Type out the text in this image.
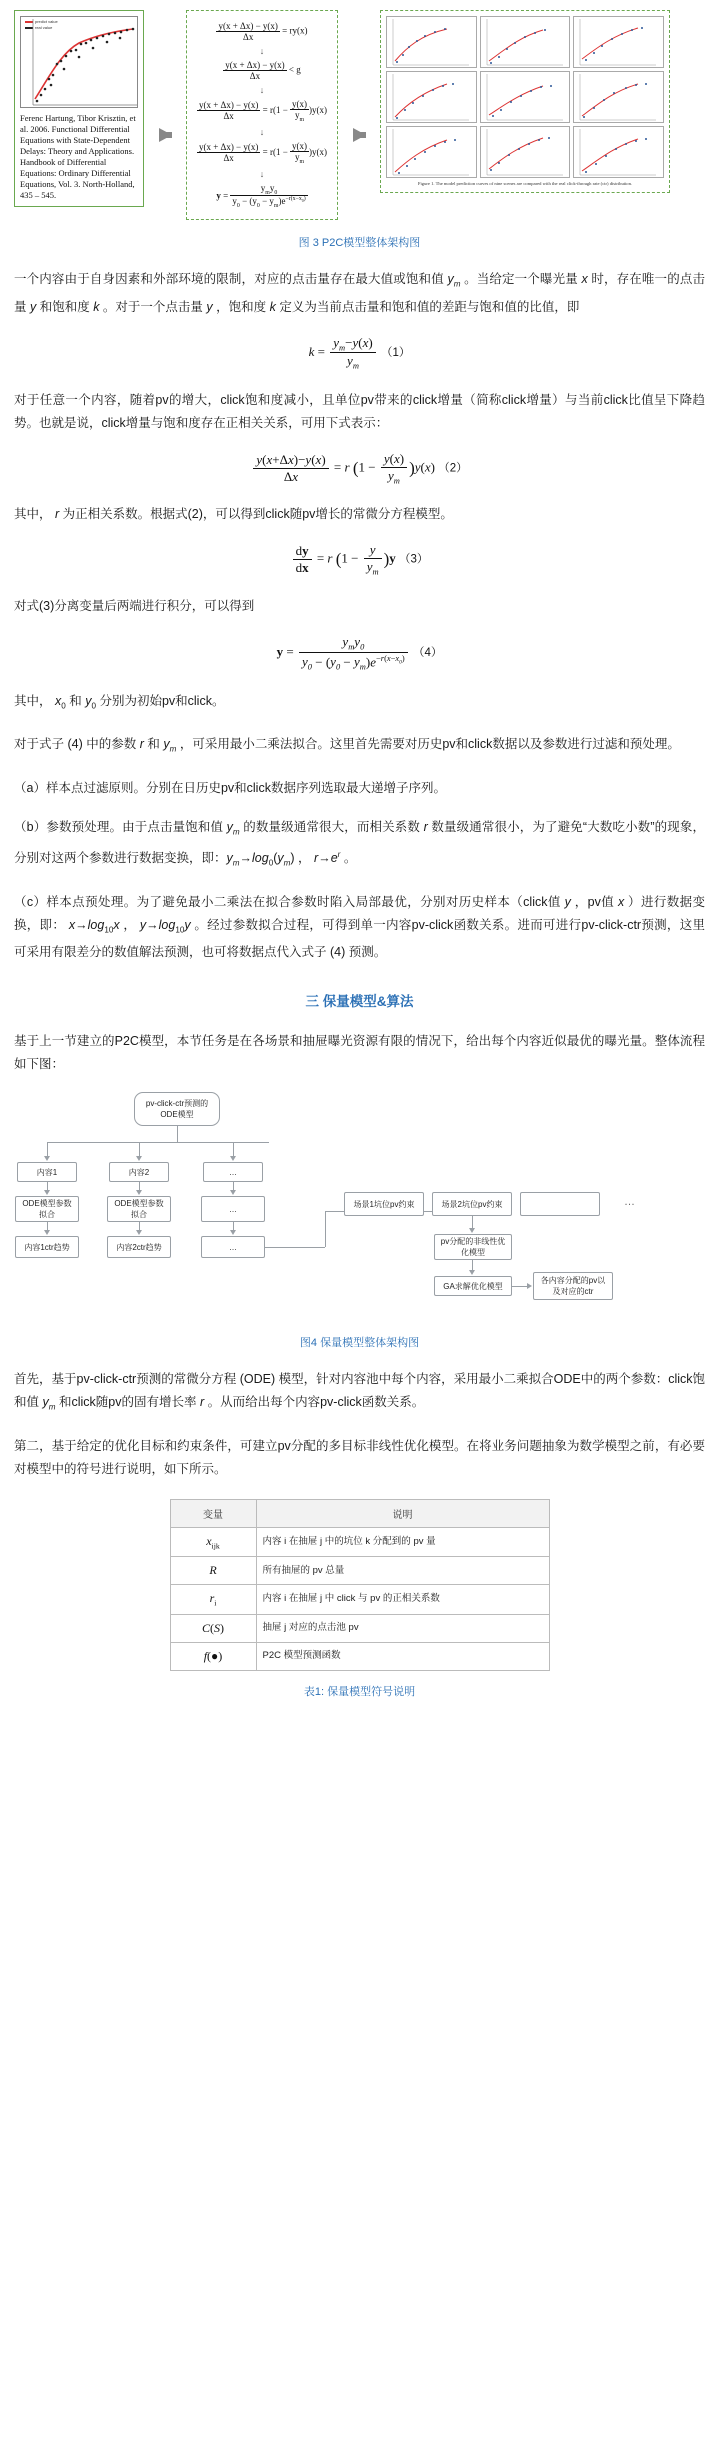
predict value
real value
Ferenc Hartung, Tibor Krisztin, et al. 2006. Functional Differential Equations with State-Dependent Delays: Theory and Applications. Handbook of Differential Equations: Ordinary Differential Equations, Vol. 3. North-Holland, 435 – 545.
$\frac{y(x + \Delta x) - y(x)}{\Delta x} = ry(x)$
↓
$\frac{y(x + \Delta x) - y(x)}{\Delta x} < g$
↓
$\frac{y(x + \Delta x) - y(x)}{\Delta x} = r(1 - \frac{y(x)}{y_m} )y(x)$
↓
$\frac{y(x + \Delta x) - y(x)}{\Delta x} = r(1 - \frac{y(x)}{y_m} )y(x)$
↓
$y = \frac{y_my_0}{y_0 - (y_0 - y_m)e^{-r(x-x_0)}}$	Figure 1. The model prediction curves of nine scenes are compared with the real click-through rate (ctr) distribution.
图 3 P2C模型整体架构图

一个内容由于自身因素和外部环境的限制，对应的点击量存在最大值或饱和值 $y_m$ 。当给定一个曝光量 x 时，存在唯一的点击量 y 和饱和度 k 。对于一个点击量 y ，饱和度 k 定义为当前点击量和饱和值的差距与饱和值的比值，即

$k = \frac{y_m-y(x)}{y_m} (1)$

对于任意一个内容，随着pv的增大，click饱和度减小，且单位pv带来的click增量（简称click增量）与当前click比值呈下降趋势。也就是说，click增量与饱和度存在正相关关系，可用下式表示：

$\frac{y(x+\Delta x)-y(x)}{\Delta x} = r$ $(1 - \frac{y(x)}{y_m} )y(x)$ （2）

其中， r 为正相关系数。根据式(2)，可以得到click随pv增长的常微分方程模型。

$\frac{dy}{dx} = r$ $(1 - \frac{y}{y_m} )y$ （3）

对式(3)分离变量后两端进行积分，可以得到

$y = \frac{y_my_0}{y_0 - (y_0 - y_m)e^{-r(x-x_0)}} (4)$

其中， $x_0$ 和 $y_0$ 分别为初始pv和click。

对于式子 (4) 中的参数 r 和 $y_m$ ，可采用最小二乘法拟合。这里首先需要对历史pv和click数据以及参数进行过滤和预处理。

（a）样本点过滤原则。分别在日历史pv和click数据序列选取最大递增子序列。

（b）参数预处理。由于点击量饱和值 $y_m$ 的数量级通常很大，而相关系数 r 数量级通常很小，为了避免“大数吃小数”的现象，分别对这两个参数进行数据变换，即：$y_m\to\log_0(y_m)$ ， $r\to e^r$ 。

（c）样本点预处理。为了避免最小二乘法在拟合参数时陷入局部最优，分别对历史样本（click值 y ，pv值 x ）进行数据变换，即： $x\to\log_{10}x$ ， $y\to\log_{10}y$ 。经过参数拟合过程，可得到单一内容pv-click函数关系。进而可进行pv-click-ctr预测，这里可采用有限差分的数值解法预测，也可将数据点代入式子 (4) 预测。

三 保量模型&算法

基于上一节建立的P2C模型，本节任务是在各场景和抽屉曝光资源有限的情况下，给出每个内容近似最优的曝光量。整体流程如下图：

pv-click-ctr预测的ODE模型
内容1	内容2	…
ODE模型参数拟合
ODE模型参数拟合
…
内容1ctr趋势	内容2ctr趋势	…
场景1坑位pv约束	场景2坑位pv约束
pv分配的非线性优化模型
GA求解优化模型
各内容分配的pv以及对应的ctr
…
图4 保量模型整体架构图

首先，基于pv-click-ctr预测的常微分方程 (ODE) 模型，针对内容池中每个内容，采用最小二乘拟合ODE中的两个参数：click饱和值 $y_m$ 和click随pv的固有增长率 r 。从而给出每个内容pv-click函数关系。

第二，基于给定的优化目标和约束条件，可建立pv分配的多目标非线性优化模型。在将业务问题抽象为数学模型之前，有必要对模型中的符号进行说明，如下所示。

变量	说明
$x_{ijk}$	内容 i 在抽屉 j 中的坑位 k 分配到的 pv 量
R	所有抽屉的 pv 总量
$r_i$	内容 i 在抽屉 j 中 click 与 pv 的正相关系数
C(S)	抽屉 j 对应的点击池 pv
f(●)	P2C 模型预测函数
表1: 保量模型符号说明
